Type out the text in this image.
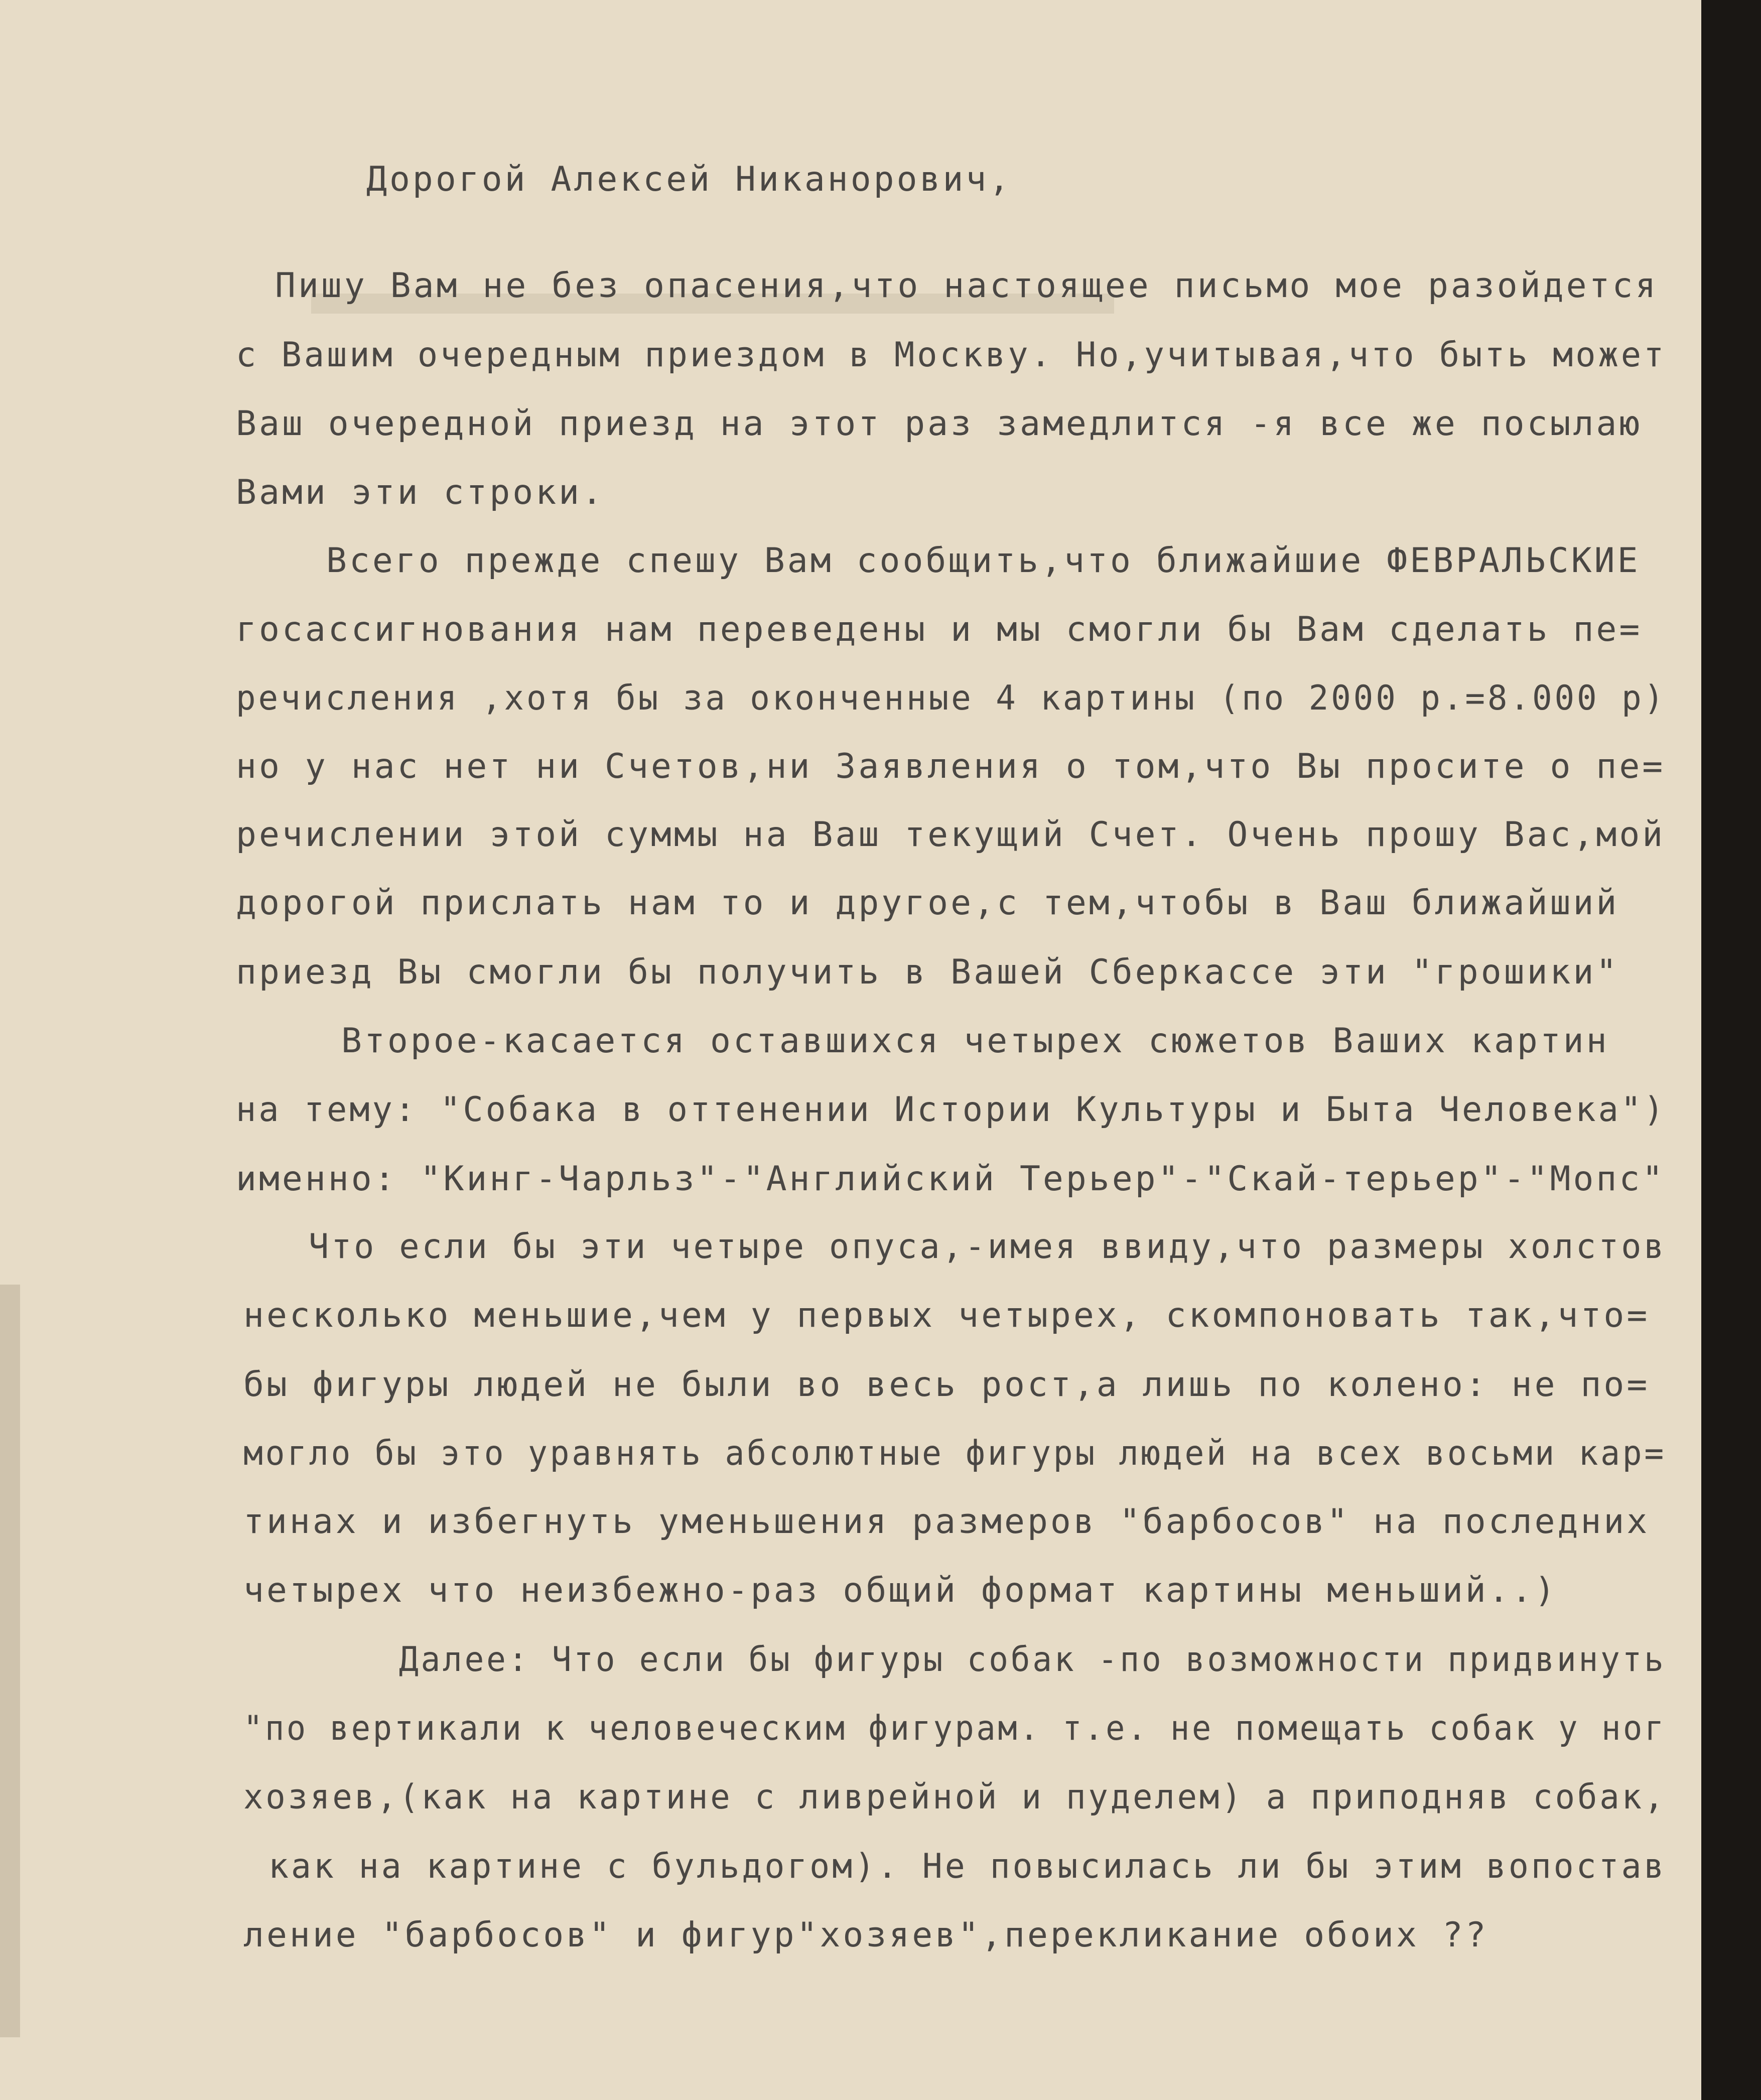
Дорогой Алексей Никанорович,
Пишу Вам не без опасения,что настоящее письмо мое разойдется
с Вашим очередным приездом в Москву. Но,учитывая,что быть может
Ваш очередной приезд на этот раз замедлится -я все же посылаю
Вами эти строки.
Всего прежде спешу Вам сообщить,что ближайшие ФЕВРАЛЬСКИЕ
госассигнования нам переведены и мы смогли бы Вам сделать пе=
речисления ,хотя бы за оконченные 4 картины (по 2000 р.=8.000 р)
но у нас нет ни Счетов,ни Заявления о том,что Вы просите о пе=
речислении этой суммы на Ваш текущий Счет. Очень прошу Вас,мой
дорогой прислать нам то и другое,с тем,чтобы в Ваш ближайший
приезд Вы смогли бы получить в Вашей Сберкассе эти "грошики"
Второе-касается оставшихся четырех сюжетов Ваших картин
на тему: "Собака в оттенении Истории Культуры и Быта Человека")
именно: "Кинг-Чарльз"-"Английский Терьер"-"Скай-терьер"-"Мопс"
Что если бы эти четыре опуса,-имея ввиду,что размеры холстов
несколько меньшие,чем у первых четырех, скомпоновать так,что=
бы фигуры людей не были во весь рост,а лишь по колено: не по=
могло бы это уравнять абсолютные фигуры людей на всех восьми кар=
тинах и избегнуть уменьшения размеров "барбосов" на последних
четырех что неизбежно-раз общий формат картины меньший..)
Далее: Что если бы фигуры собак -по возможности придвинуть
"по вертикали к человеческим фигурам. т.е. не помещать собак у ног
хозяев,(как на картине с ливрейной и пуделем) а приподняв собак,
как на картине с бульдогом). Не повысилась ли бы этим вопостав
ление "барбосов" и фигур"хозяев",перекликание обоих ??
